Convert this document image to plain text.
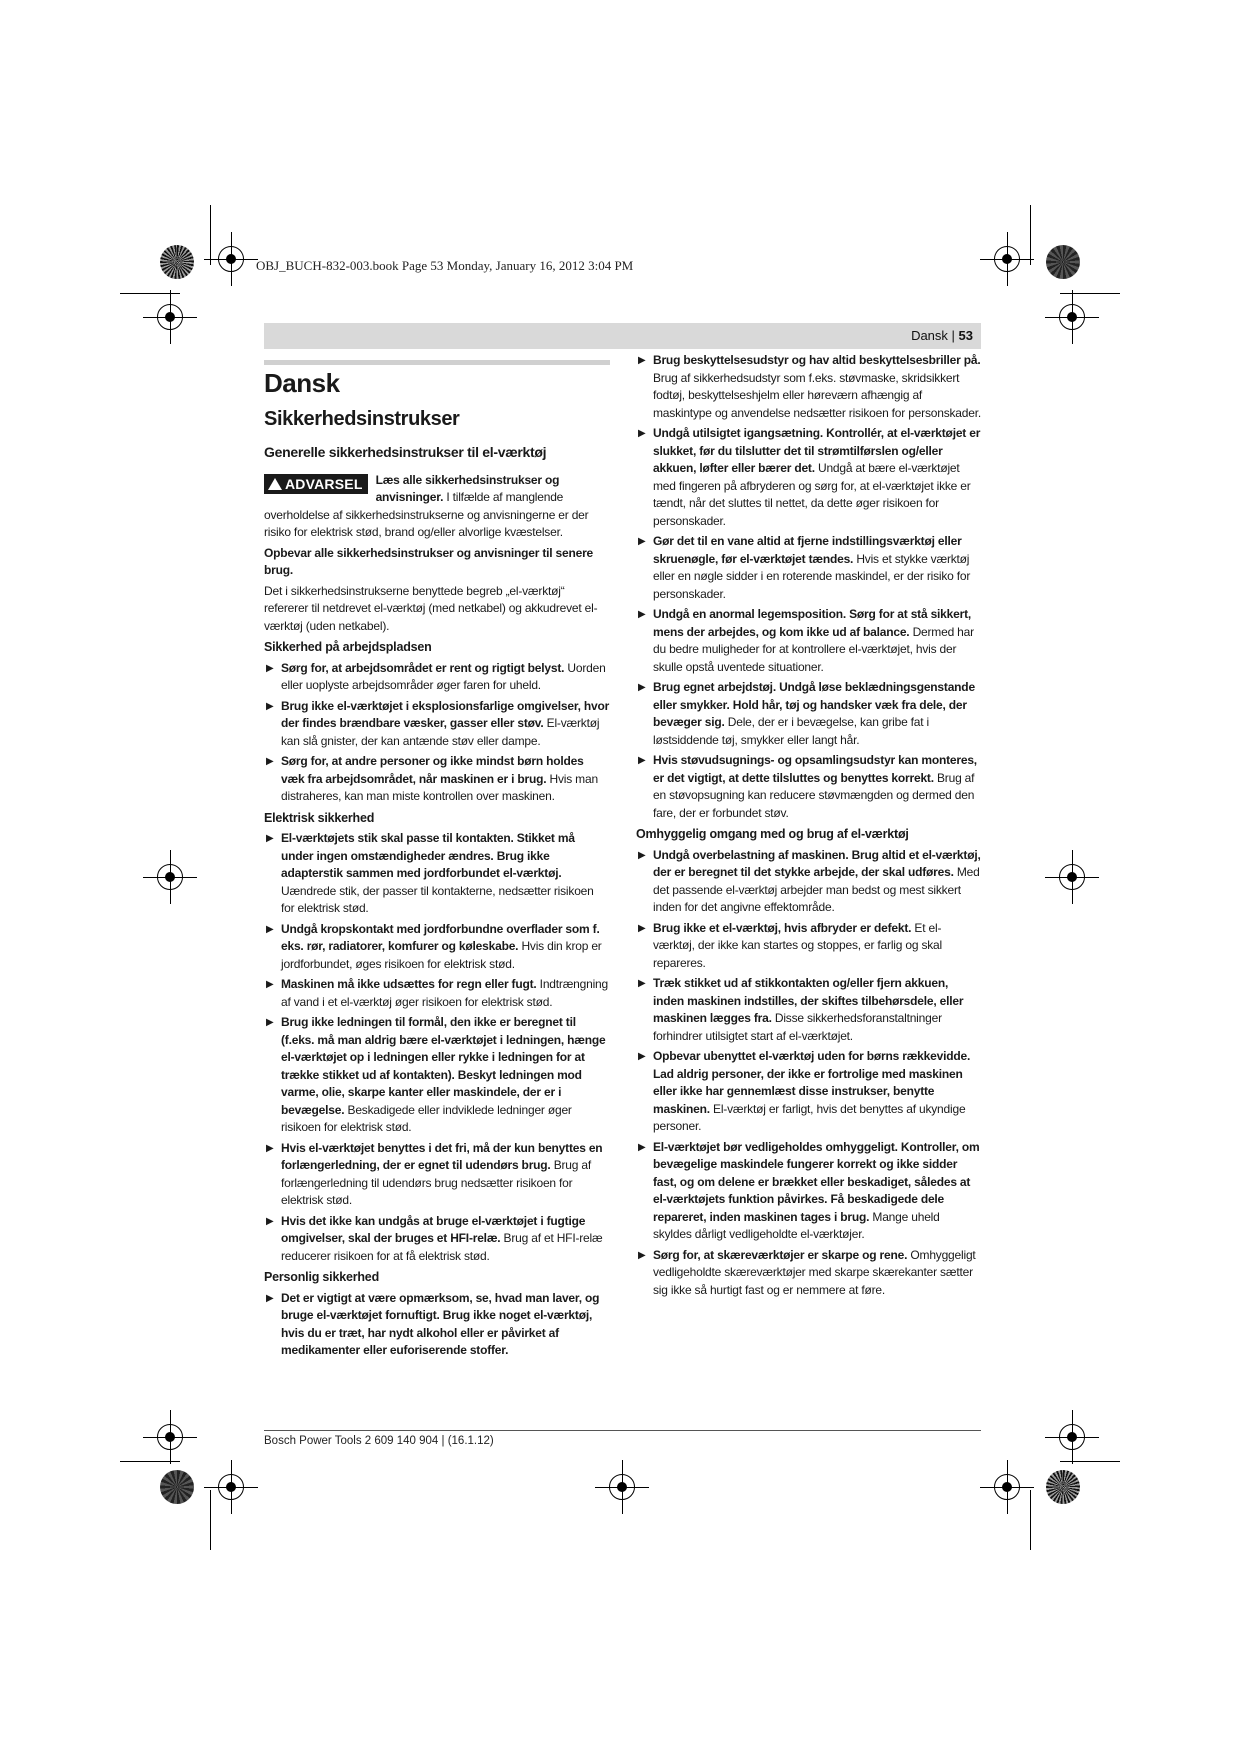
OBJ_BUCH-832-003.book Page 53 Monday, January 16, 2012 3:04 PM
Dansk | 53
Dansk
Sikkerhedsinstrukser
Generelle sikkerhedsinstrukser til el-værktøj

ADVARSEL	Læs alle sikkerhedsinstrukser og anvisninger. I tilfælde af manglende overholdelse af sikkerhedsinstrukserne og anvisningerne er der risiko for elektrisk stød, brand og/eller alvorlige kvæstelser.

Opbevar alle sikkerhedsinstrukser og anvisninger til senere brug.

Det i sikkerhedsinstrukserne benyttede begreb „el-værktøj“ refererer til netdrevet el-værktøj (med netkabel) og akkudrevet el-værktøj (uden netkabel).

Sikkerhed på arbejdspladsen
▶ Sørg for, at arbejdsområdet er rent og rigtigt belyst. Uorden eller uoplyste arbejdsområder øger faren for uheld.
▶ Brug ikke el-værktøjet i eksplosionsfarlige omgivelser, hvor der findes brændbare væsker, gasser eller støv. El-værktøj kan slå gnister, der kan antænde støv eller dampe.
▶ Sørg for, at andre personer og ikke mindst børn holdes væk fra arbejdsområdet, når maskinen er i brug. Hvis man distraheres, kan man miste kontrollen over maskinen.
Elektrisk sikkerhed
▶ El-værktøjets stik skal passe til kontakten. Stikket må under ingen omstændigheder ændres. Brug ikke adapterstik sammen med jordforbundet el-værktøj. Uændrede stik, der passer til kontakterne, nedsætter risikoen for elektrisk stød.
▶ Undgå kropskontakt med jordforbundne overflader som f. eks. rør, radiatorer, komfurer og køleskabe. Hvis din krop er jordforbundet, øges risikoen for elektrisk stød.
▶ Maskinen må ikke udsættes for regn eller fugt. Indtrængning af vand i et el-værktøj øger risikoen for elektrisk stød.
▶ Brug ikke ledningen til formål, den ikke er beregnet til (f.eks. må man aldrig bære el-værktøjet i ledningen, hænge el-værktøjet op i ledningen eller rykke i ledningen for at trække stikket ud af kontakten). Beskyt ledningen mod varme, olie, skarpe kanter eller maskindele, der er i bevægelse. Beskadigede eller indviklede ledninger øger risikoen for elektrisk stød.
▶ Hvis el-værktøjet benyttes i det fri, må der kun benyttes en forlængerledning, der er egnet til udendørs brug. Brug af forlængerledning til udendørs brug nedsætter risikoen for elektrisk stød.
▶ Hvis det ikke kan undgås at bruge el-værktøjet i fugtige omgivelser, skal der bruges et HFI-relæ. Brug af et HFI-relæ reducerer risikoen for at få elektrisk stød.
Personlig sikkerhed
▶ Det er vigtigt at være opmærksom, se, hvad man laver, og bruge el-værktøjet fornuftigt. Brug ikke noget el-værktøj, hvis du er træt, har nydt alkohol eller er påvirket af medikamenter eller euforiserende stoffer.
▶ Brug beskyttelsesudstyr og hav altid beskyttelsesbriller på. Brug af sikkerhedsudstyr som f.eks. støvmaske, skridsikkert fodtøj, beskyttelseshjelm eller høreværn afhængig af maskintype og anvendelse nedsætter risikoen for personskader.
▶ Undgå utilsigtet igangsætning. Kontrollér, at el-værktøjet er slukket, før du tilslutter det til strømtilførslen og/eller akkuen, løfter eller bærer det. Undgå at bære el-værktøjet med fingeren på afbryderen og sørg for, at el-værktøjet ikke er tændt, når det sluttes til nettet, da dette øger risikoen for personskader.
▶ Gør det til en vane altid at fjerne indstillingsværktøj eller skruenøgle, før el-værktøjet tændes. Hvis et stykke værktøj eller en nøgle sidder i en roterende maskindel, er der risiko for personskader.
▶ Undgå en anormal legemsposition. Sørg for at stå sikkert, mens der arbejdes, og kom ikke ud af balance. Dermed har du bedre muligheder for at kontrollere el-værktøjet, hvis der skulle opstå uventede situationer.
▶ Brug egnet arbejdstøj. Undgå løse beklædningsgenstande eller smykker. Hold hår, tøj og handsker væk fra dele, der bevæger sig. Dele, der er i bevægelse, kan gribe fat i løstsiddende tøj, smykker eller langt hår.
▶ Hvis støvudsugnings- og opsamlingsudstyr kan monteres, er det vigtigt, at dette tilsluttes og benyttes korrekt. Brug af en støvopsugning kan reducere støvmængden og dermed den fare, der er forbundet støv.
Omhyggelig omgang med og brug af el-værktøj
▶ Undgå overbelastning af maskinen. Brug altid et el-værktøj, der er beregnet til det stykke arbejde, der skal udføres. Med det passende el-værktøj arbejder man bedst og mest sikkert inden for det angivne effektområde.
▶ Brug ikke et el-værktøj, hvis afbryder er defekt. Et el-værktøj, der ikke kan startes og stoppes, er farlig og skal repareres.
▶ Træk stikket ud af stikkontakten og/eller fjern akkuen, inden maskinen indstilles, der skiftes tilbehørsdele, eller maskinen lægges fra. Disse sikkerhedsforanstaltninger forhindrer utilsigtet start af el-værktøjet.
▶ Opbevar ubenyttet el-værktøj uden for børns rækkevidde. Lad aldrig personer, der ikke er fortrolige med maskinen eller ikke har gennemlæst disse instrukser, benytte maskinen. El-værktøj er farligt, hvis det benyttes af ukyndige personer.
▶ El-værktøjet bør vedligeholdes omhyggeligt. Kontroller, om bevægelige maskindele fungerer korrekt og ikke sidder fast, og om delene er brækket eller beskadiget, således at el-værktøjets funktion påvirkes. Få beskadigede dele repareret, inden maskinen tages i brug. Mange uheld skyldes dårligt vedligeholdte el-værktøjer.
▶ Sørg for, at skæreværktøjer er skarpe og rene. Omhyggeligt vedligeholdte skæreværktøjer med skarpe skærekanter sætter sig ikke så hurtigt fast og er nemmere at føre.
Bosch Power Tools 2 609 140 904 | (16.1.12)
